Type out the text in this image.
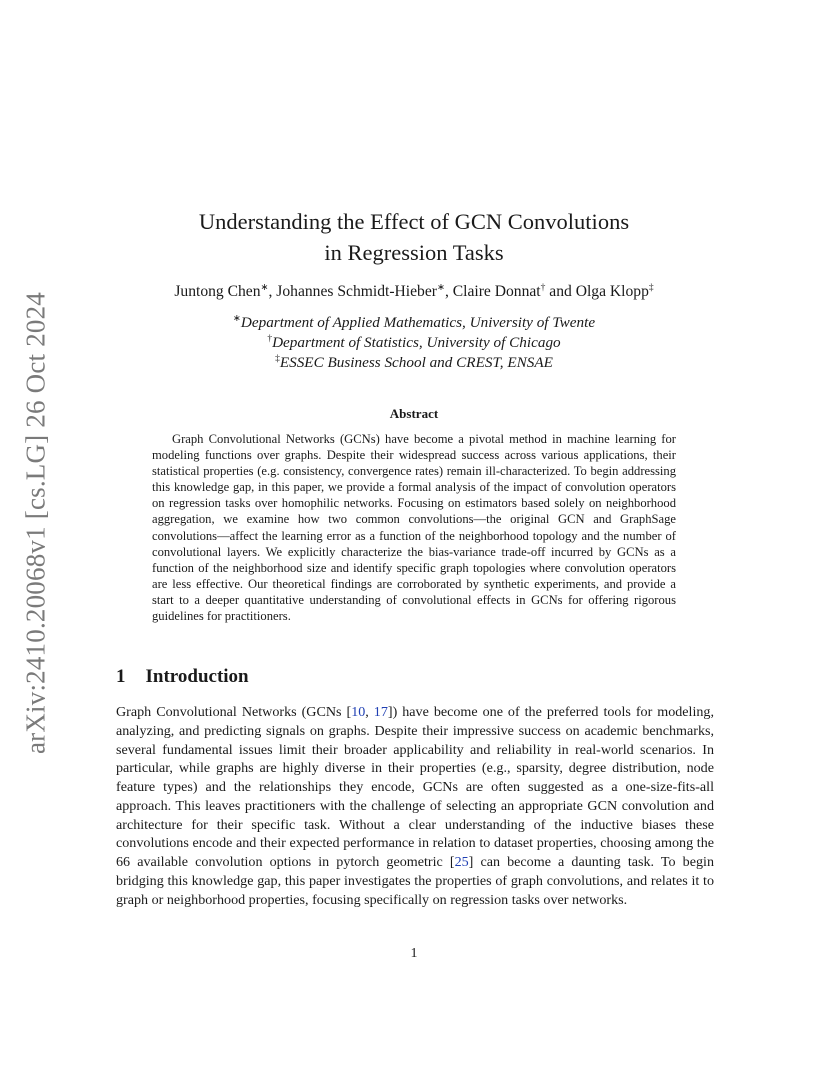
arXiv:2410.20068v1 [cs.LG] 26 Oct 2024
Understanding the Effect of GCN Convolutions
in Regression Tasks
Juntong Chen∗, Johannes Schmidt-Hieber∗, Claire Donnat† and Olga Klopp‡
∗Department of Applied Mathematics, University of Twente
†Department of Statistics, University of Chicago
‡ESSEC Business School and CREST, ENSAE
Abstract
Graph Convolutional Networks (GCNs) have become a pivotal method in machine learning for modeling functions over graphs. Despite their widespread success across various applications, their statistical properties (e.g. consistency, convergence rates) remain ill-characterized. To begin addressing this knowledge gap, in this paper, we provide a formal analysis of the impact of convolution operators on regression tasks over homophilic networks. Focusing on estimators based solely on neighborhood aggregation, we examine how two common convolutions—the original GCN and GraphSage convolutions—affect the learning error as a function of the neighborhood topology and the number of convolutional layers. We explicitly characterize the bias-variance trade-off incurred by GCNs as a function of the neighborhood size and identify specific graph topologies where convolution operators are less effective. Our theoretical findings are corroborated by synthetic experiments, and provide a start to a deeper quantitative understanding of convolutional effects in GCNs for offering rigorous guidelines for practitioners.
1 Introduction
Graph Convolutional Networks (GCNs [10, 17]) have become one of the preferred tools for modeling, analyzing, and predicting signals on graphs. Despite their impressive success on academic benchmarks, several fundamental issues limit their broader applicability and reliability in real-world scenarios. In particular, while graphs are highly diverse in their properties (e.g., sparsity, degree distribution, node feature types) and the relationships they encode, GCNs are often suggested as a one-size-fits-all approach. This leaves practitioners with the challenge of selecting an appropriate GCN convolution and architecture for their specific task. Without a clear understanding of the inductive biases these convolutions encode and their expected performance in relation to dataset properties, choosing among the 66 available convolution options in pytorch geometric [25] can become a daunting task. To begin bridging this knowledge gap, this paper investigates the properties of graph convolutions, and relates it to graph or neighborhood properties, focusing specifically on regression tasks over networks.
1
